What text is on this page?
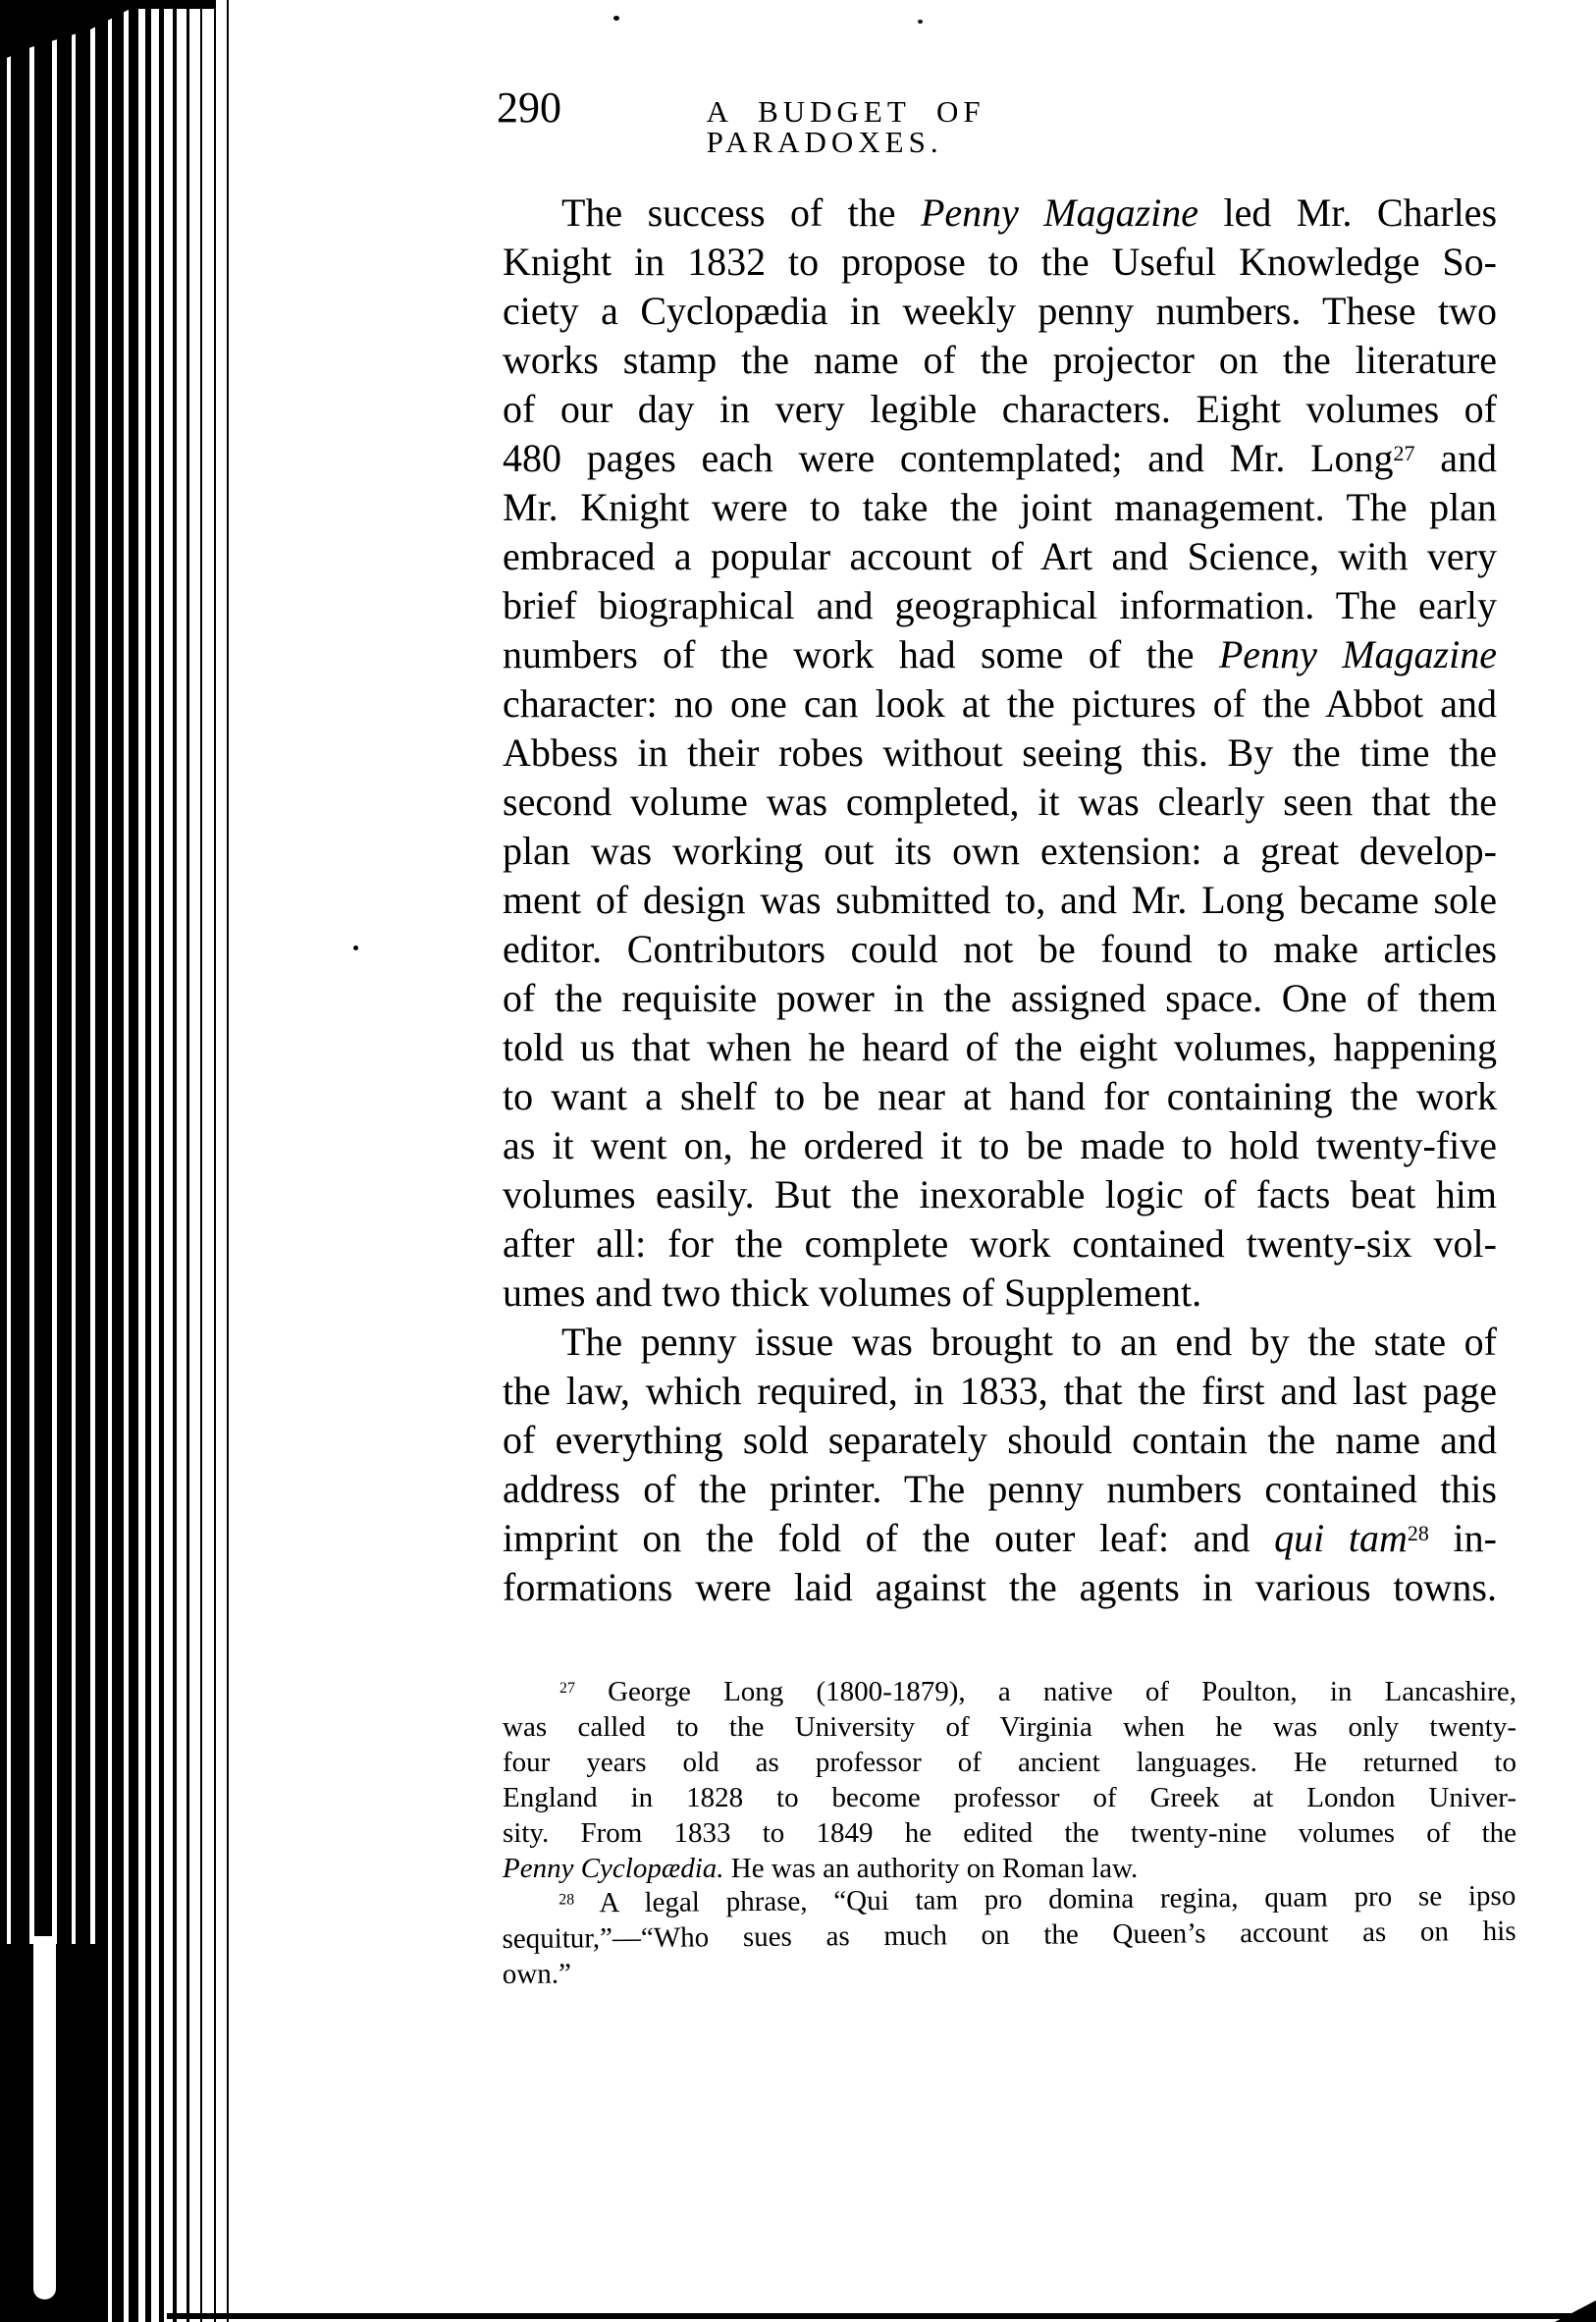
290	A BUDGET OF PARADOXES.
The success of the Penny Magazine led Mr. Charles
Knight in 1832 to propose to the Useful Knowledge So-
ciety a Cyclopædia in weekly penny numbers. These two
works stamp the name of the projector on the literature
of our day in very legible characters. Eight volumes of
480 pages each were contemplated; and Mr. Long$^{27}$ and
Mr. Knight were to take the joint management. The plan
embraced a popular account of Art and Science, with very
brief biographical and geographical information. The early
numbers of the work had some of the Penny Magazine
character: no one can look at the pictures of the Abbot and
Abbess in their robes without seeing this. By the time the
second volume was completed, it was clearly seen that the
plan was working out its own extension: a great develop-
ment of design was submitted to, and Mr. Long became sole
editor. Contributors could not be found to make articles
of the requisite power in the assigned space. One of them
told us that when he heard of the eight volumes, happening
to want a shelf to be near at hand for containing the work
as it went on, he ordered it to be made to hold twenty-five
volumes easily. But the inexorable logic of facts beat him
after all: for the complete work contained twenty-six vol-
umes and two thick volumes of Supplement.
The penny issue was brought to an end by the state of
the law, which required, in 1833, that the first and last page
of everything sold separately should contain the name and
address of the printer. The penny numbers contained this
imprint on the fold of the outer leaf: and qui tam$^{28}$ in-
formations were laid against the agents in various towns.
$^{27}$ George Long (1800-1879), a native of Poulton, in Lancashire,
was called to the University of Virginia when he was only twenty-
four years old as professor of ancient languages. He returned to
England in 1828 to become professor of Greek at London Univer-
sity. From 1833 to 1849 he edited the twenty-nine volumes of the
Penny Cyclopædia. He was an authority on Roman law.
$^{28}$ A legal phrase, “Qui tam pro domina regina, quam pro se ipso
sequitur,”—“Who sues as much on the Queen’s account as on his
own.”
